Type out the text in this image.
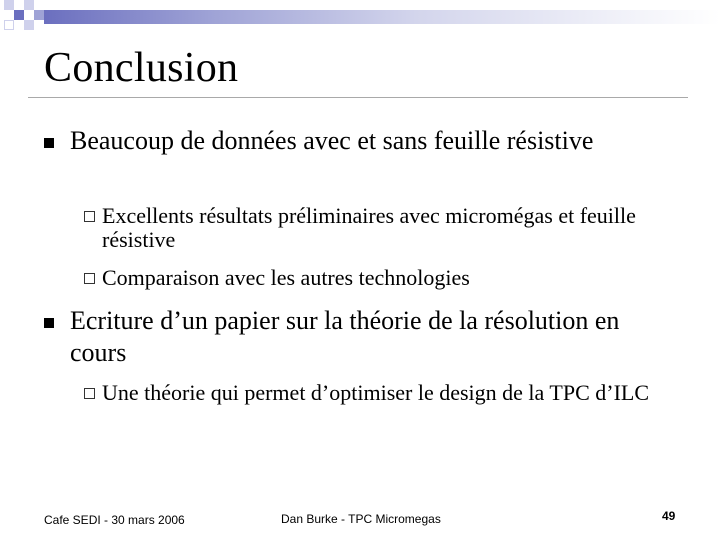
Conclusion
Beaucoup de données avec et sans feuille résistive
Excellents résultats préliminaires avec micromégas et feuille résistive
Comparaison avec les autres technologies
Ecriture d’un papier sur la théorie de la résolution en cours
Une théorie qui permet d’optimiser le design de la TPC d’ILC
Cafe SEDI - 30 mars 2006	Dan Burke - TPC Micromegas	49
